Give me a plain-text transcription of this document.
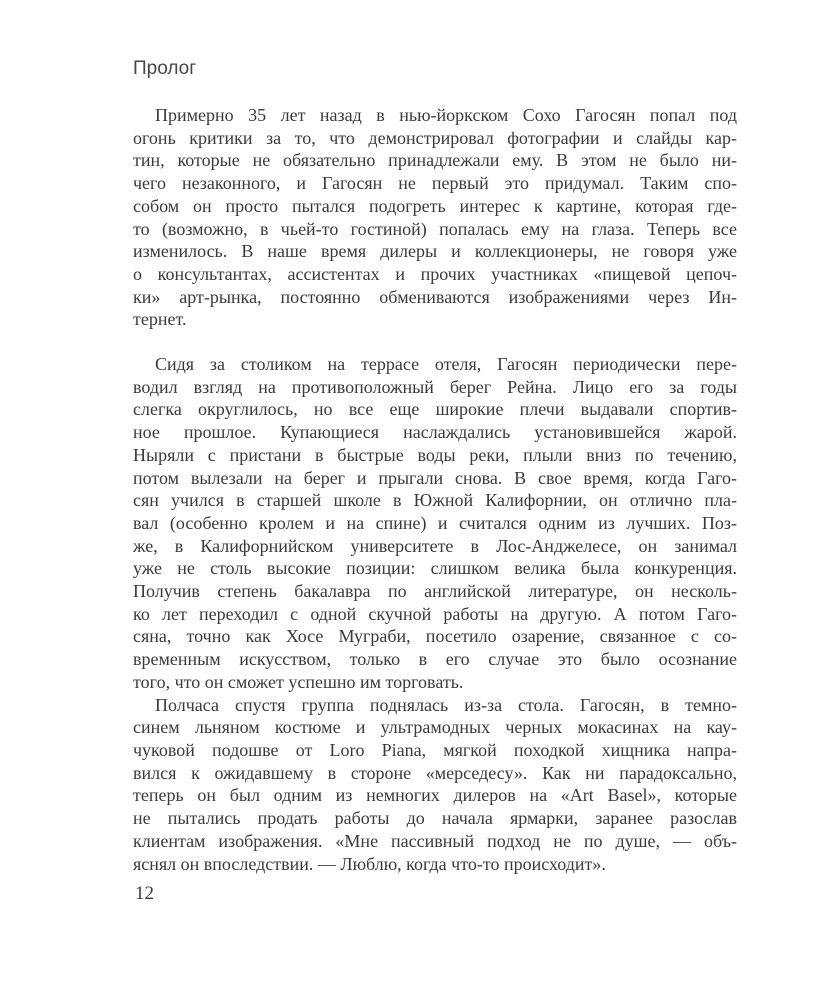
Пролог
Примерно 35 лет назад в нью-йоркском Сохо Гагосян попал под
огонь критики за то, что демонстрировал фотографии и слайды кар-
тин, которые не обязательно принадлежали ему. В этом не было ни-
чего незаконного, и Гагосян не первый это придумал. Таким спо-
собом он просто пытался подогреть интерес к картине, которая где-
то (возможно, в чьей-то гостиной) попалась ему на глаза. Теперь все
изменилось. В наше время дилеры и коллекционеры, не говоря уже
о консультантах, ассистентах и прочих участниках «пищевой цепоч-
ки» арт-рынка, постоянно обмениваются изображениями через Ин-
тернет.
Сидя за столиком на террасе отеля, Гагосян периодически пере-
водил взгляд на противоположный берег Рейна. Лицо его за годы
слегка округлилось, но все еще широкие плечи выдавали спортив-
ное прошлое. Купающиеся наслаждались установившейся жарой.
Ныряли с пристани в быстрые воды реки, плыли вниз по течению,
потом вылезали на берег и прыгали снова. В свое время, когда Гаго-
сян учился в старшей школе в Южной Калифорнии, он отлично пла-
вал (особенно кролем и на спине) и считался одним из лучших. Поз-
же, в Калифорнийском университете в Лос-Анджелесе, он занимал
уже не столь высокие позиции: слишком велика была конкуренция.
Получив степень бакалавра по английской литературе, он несколь-
ко лет переходил с одной скучной работы на другую. А потом Гаго-
сяна, точно как Хосе Муграби, посетило озарение, связанное с со-
временным искусством, только в его случае это было осознание
того, что он сможет успешно им торговать.
Полчаса спустя группа поднялась из-за стола. Гагосян, в темно-
синем льняном костюме и ультрамодных черных мокасинах на кау-
чуковой подошве от Loro Piana, мягкой походкой хищника напра-
вился к ожидавшему в стороне «мерседесу». Как ни парадоксально,
теперь он был одним из немногих дилеров на «Art Basel», которые
не пытались продать работы до начала ярмарки, заранее разослав
клиентам изображения. «Мне пассивный подход не по душе, — объ-
яснял он впоследствии. — Люблю, когда что-то происходит».
12
